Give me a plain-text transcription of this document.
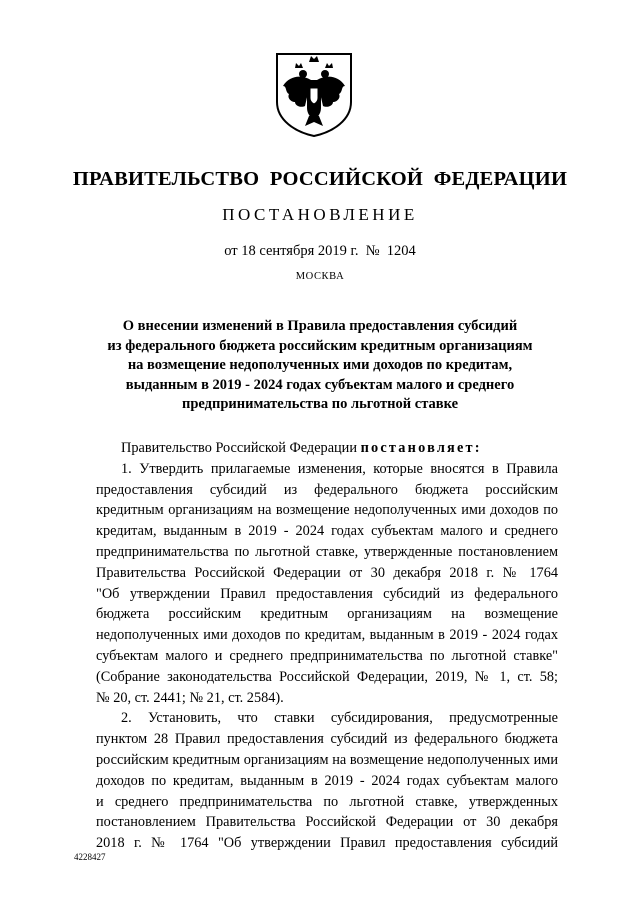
ПРАВИТЕЛЬСТВО  РОССИЙСКОЙ  ФЕДЕРАЦИИ
ПОСТАНОВЛЕНИЕ
от 18 сентября 2019 г.  №  1204
МОСКВА
О внесении изменений в Правила предоставления субсидий
из федерального бюджета российским кредитным организациям
на возмещение недополученных ими доходов по кредитам,
выданным в 2019 - 2024 годах субъектам малого и среднего
предпринимательства по льготной ставке

Правительство Российской Федерации постановляет:

1. Утвердить прилагаемые изменения, которые вносятся в Правила

предоставления субсидий из федерального бюджета российским

кредитным организациям на возмещение недополученных ими доходов по

кредитам, выданным в 2019 - 2024 годах субъектам малого и среднего

предпринимательства по льготной ставке, утвержденные постановлением

Правительства Российской Федерации от 30 декабря 2018 г. № 1764

"Об утверждении Правил предоставления субсидий из федерального

бюджета российским кредитным организациям на возмещение

недополученных ими доходов по кредитам, выданным в 2019 - 2024 годах

субъектам малого и среднего предпринимательства по льготной ставке"

(Собрание законодательства Российской Федерации, 2019, № 1, ст. 58;

№ 20, ст. 2441; № 21, ст. 2584).

2. Установить, что ставки субсидирования, предусмотренные

пунктом 28 Правил предоставления субсидий из федерального бюджета

российским кредитным организациям на возмещение недополученных ими

доходов по кредитам, выданным в 2019 - 2024 годах субъектам малого

и среднего предпринимательства по льготной ставке, утвержденных

постановлением Правительства Российской Федерации от 30 декабря

2018 г. № 1764 "Об утверждении Правил предоставления субсидий

4228427
